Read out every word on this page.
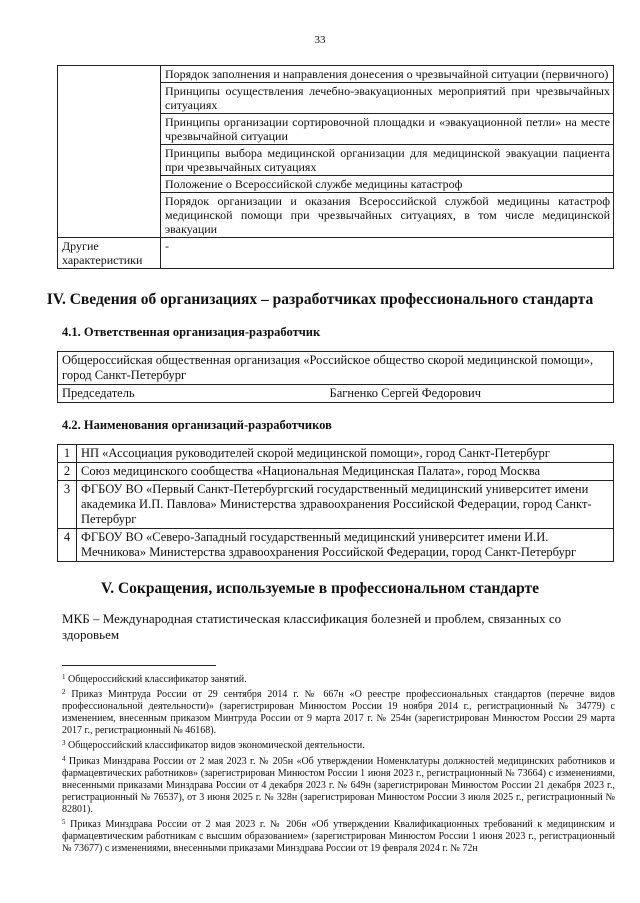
33
	Порядок заполнения и направления донесения о чрезвычайной ситуации (первичного)
	Принципы осуществления лечебно-эвакуационных мероприятий при чрезвычайных ситуациях
	Принципы организации сортировочной площадки и «эвакуационной петли» на месте чрезвычайной ситуации
	Принципы выбора медицинской организации для медицинской эвакуации пациента при чрезвычайных ситуациях
	Положение о Всероссийской службе медицины катастроф
	Порядок организации и оказания Всероссийской службой медицины катастроф медицинской помощи при чрезвычайных ситуациях, в том числе медицинской эвакуации
Другие характеристики	-
IV. Сведения об организациях – разработчиках профессионального стандарта
4.1. Ответственная организация-разработчик
Общероссийская общественная организация «Российское общество скорой медицинской помощи», город Санкт-Петербург

Председатель	Багненко Сергей Федорович
4.2. Наименования организаций-разработчиков
1	НП «Ассоциация руководителей скорой медицинской помощи», город Санкт-Петербург
2	Союз медицинского сообщества «Национальная Медицинская Палата», город Москва
3	ФГБОУ ВО «Первый Санкт-Петербургский государственный медицинский университет имени академика И.П. Павлова» Министерства здравоохранения Российской Федерации, город Санкт-Петербург
4	ФГБОУ ВО «Северо-Западный государственный медицинский университет имени И.И. Мечникова» Министерства здравоохранения Российской Федерации, город Санкт-Петербург
V. Сокращения, используемые в профессиональном стандарте
МКБ – Международная статистическая классификация болезней и проблем, связанных со здоровьем

$^1$ Общероссийский классификатор занятий.

$^2$ Приказ Минтруда России от 29 сентября 2014 г. № 667н «О реестре профессиональных стандартов (перечне видов профессиональной деятельности)» (зарегистрирован Минюстом России 19 ноября 2014 г., регистрационный № 34779) с изменением, внесенным приказом Минтруда России от 9 марта 2017 г. № 254н (зарегистрирован Минюстом России 29 марта 2017 г., регистрационный № 46168).

$^3$ Общероссийский классификатор видов экономической деятельности.

$^4$ Приказ Минздрава России от 2 мая 2023 г. № 205н «Об утверждении Номенклатуры должностей медицинских работников и фармацевтических работников» (зарегистрирован Минюстом России 1 июня 2023 г., регистрационный № 73664) с изменениями, внесенными приказами Минздрава России от 4 декабря 2023 г. № 649н (зарегистрирован Минюстом России 21 декабря 2023 г., регистрационный № 76537), от 3 июня 2025 г. № 328н (зарегистрирован Минюстом России 3 июля 2025 г., регистрационный № 82801).

$^5$ Приказ Минздрава России от 2 мая 2023 г. № 206н «Об утверждении Квалификационных требований к медицинским и фармацевтическим работникам с высшим образованием» (зарегистрирован Минюстом России 1 июня 2023 г., регистрационный № 73677) с изменениями, внесенными приказами Минздрава России от 19 февраля 2024 г. № 72н
